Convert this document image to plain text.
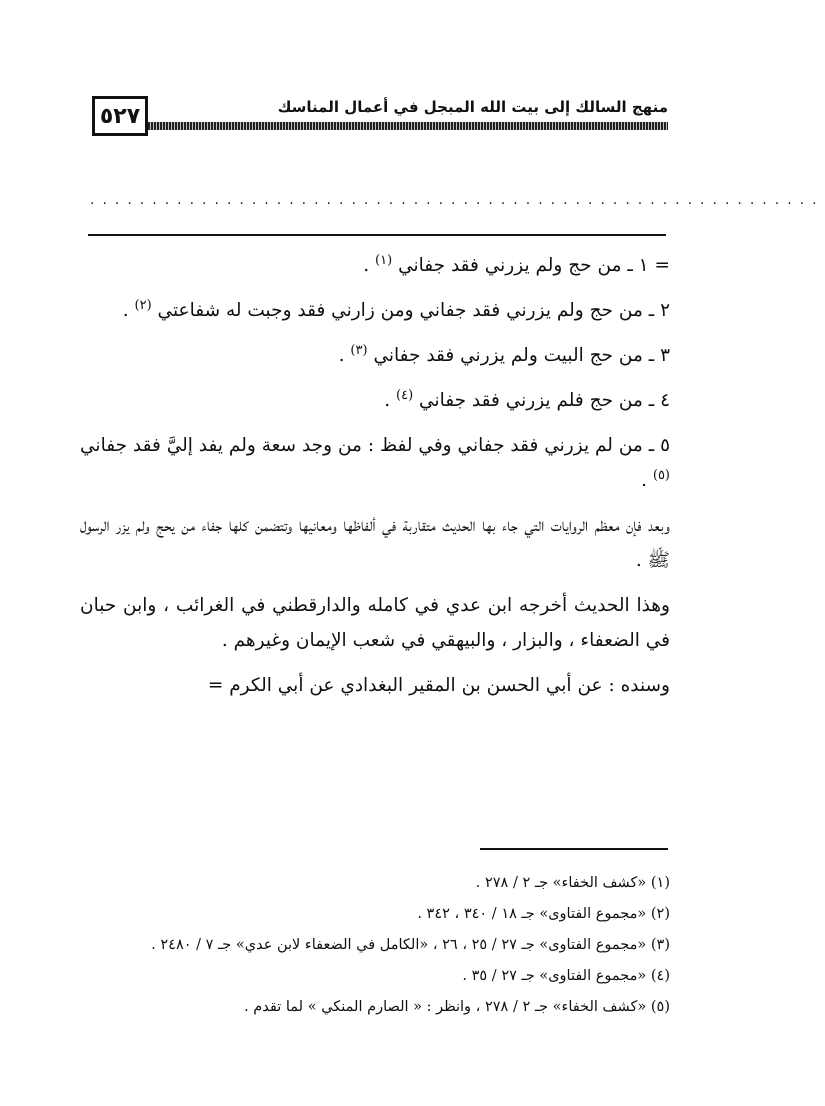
٥٢٧	منهج السالك إلى بيت الله المبجل في أعمال المناسك
...........................................................

= ١ ـ من حج ولم يزرني فقد جفاني $^{(١)}$ .

٢ ـ من حج ولم يزرني فقد جفاني ومن زارني فقد وجبت له شفاعتي $^{(٢)}$ .

٣ ـ من حج البيت ولم يزرني فقد جفاني $^{(٣)}$ .

٤ ـ من حج فلم يزرني فقد جفاني $^{(٤)}$ .

٥ ـ من لم يزرني فقد جفاني وفي لفظ : من وجد سعة ولم يفد إليَّ فقد جفاني $^{(٥)}$ .

وبعد فإن معظم الروايات التي جاء بها الحديث متقاربة في ألفاظها ومعانيها وتتضمن كلها جفاء من يحج ولم يزر الرسول ﷺ .

وهذا الحديث أخرجه ابن عدي في كامله والدارقطني في الغرائب ، وابن حبان في الضعفاء ، والبزار ، والبيهقي في شعب الإيمان وغيرهم .

وسنده : عن أبي الحسن بن المقير البغدادي عن أبي الكرم =

(١) «كشف الخفاء» جـ ٢ / ٢٧٨ .
(٢) «مجموع الفتاوى» جـ ١٨ / ٣٤٠ ، ٣٤٢ .
(٣) «مجموع الفتاوى» جـ ٢٧ / ٢٥ ، ٢٦ ، «الكامل في الضعفاء لابن عدي» جـ ٧ / ٢٤٨٠ .
(٤) «مجموع الفتاوى» جـ ٢٧ / ٣٥ .
(٥) «كشف الخفاء» جـ ٢ / ٢٧٨ ، وانظر : « الصارم المنكي » لما تقدم .
